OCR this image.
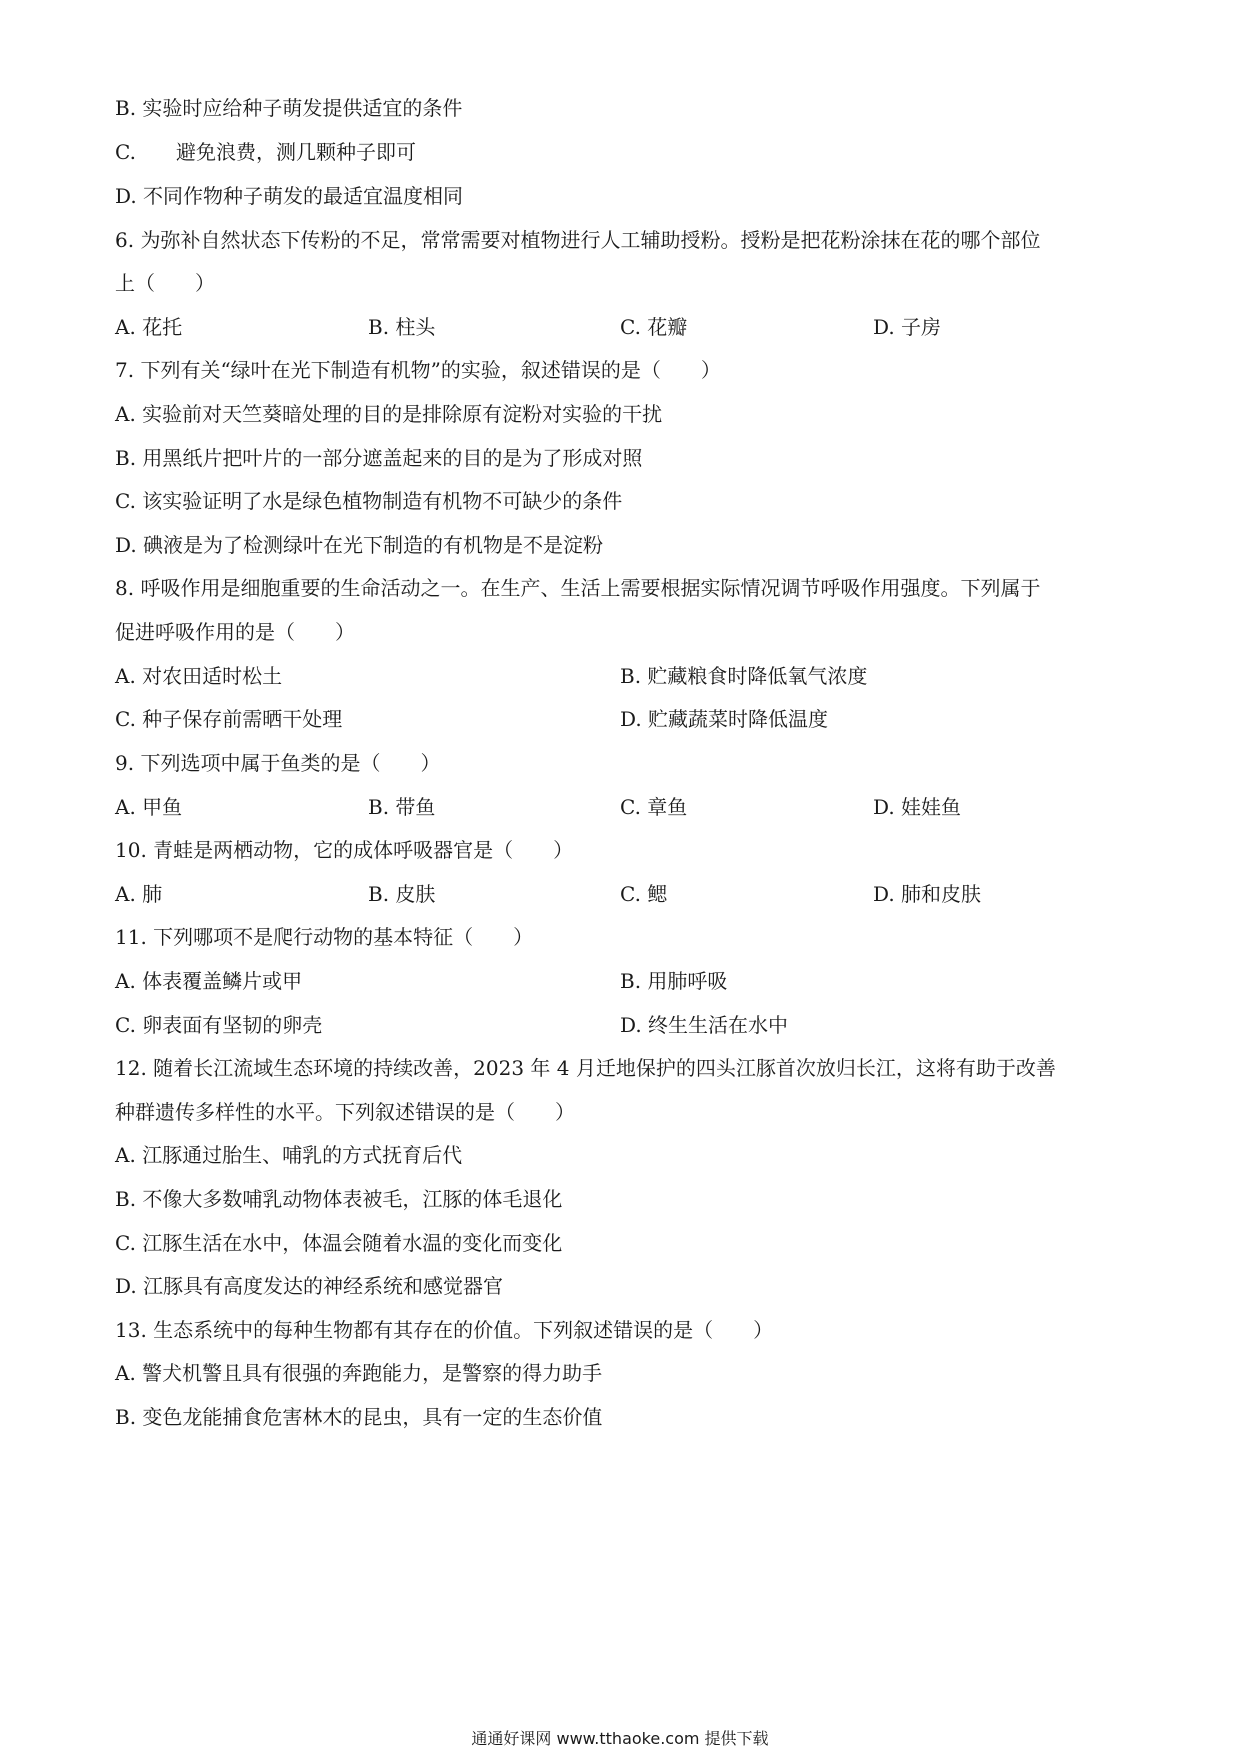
B. 实验时应给种子萌发提供适宜的条件
C.　　避免浪费，测几颗种子即可
D. 不同作物种子萌发的最适宜温度相同
6. 为弥补自然状态下传粉的不足，常常需要对植物进行人工辅助授粉。授粉是把花粉涂抹在花的哪个部位
上（　　）
A. 花托	B. 柱头	C. 花瓣	D. 子房
7. 下列有关“绿叶在光下制造有机物”的实验，叙述错误的是（　　）
A. 实验前对天竺葵暗处理的目的是排除原有淀粉对实验的干扰
B. 用黑纸片把叶片的一部分遮盖起来的目的是为了形成对照
C. 该实验证明了水是绿色植物制造有机物不可缺少的条件
D. 碘液是为了检测绿叶在光下制造的有机物是不是淀粉
8. 呼吸作用是细胞重要的生命活动之一。在生产、生活上需要根据实际情况调节呼吸作用强度。下列属于
促进呼吸作用的是（　　）
A. 对农田适时松土	B. 贮藏粮食时降低氧气浓度
C. 种子保存前需晒干处理	D. 贮藏蔬菜时降低温度
9. 下列选项中属于鱼类的是（　　）
A. 甲鱼	B. 带鱼	C. 章鱼	D. 娃娃鱼
10. 青蛙是两栖动物，它的成体呼吸器官是（　　）
A. 肺	B. 皮肤	C. 鳃	D. 肺和皮肤
11. 下列哪项不是爬行动物的基本特征（　　）
A. 体表覆盖鳞片或甲	B. 用肺呼吸
C. 卵表面有坚韧的卵壳	D. 终生生活在水中
12. 随着长江流域生态环境的持续改善，2023 年 4 月迁地保护的四头江豚首次放归长江，这将有助于改善
种群遗传多样性的水平。下列叙述错误的是（　　）
A. 江豚通过胎生、哺乳的方式抚育后代
B. 不像大多数哺乳动物体表被毛，江豚的体毛退化
C. 江豚生活在水中，体温会随着水温的变化而变化
D. 江豚具有高度发达的神经系统和感觉器官
13. 生态系统中的每种生物都有其存在的价值。下列叙述错误的是（　　）
A. 警犬机警且具有很强的奔跑能力，是警察的得力助手
B. 变色龙能捕食危害林木的昆虫，具有一定的生态价值
通通好课网 www.tthaoke.com 提供下载
